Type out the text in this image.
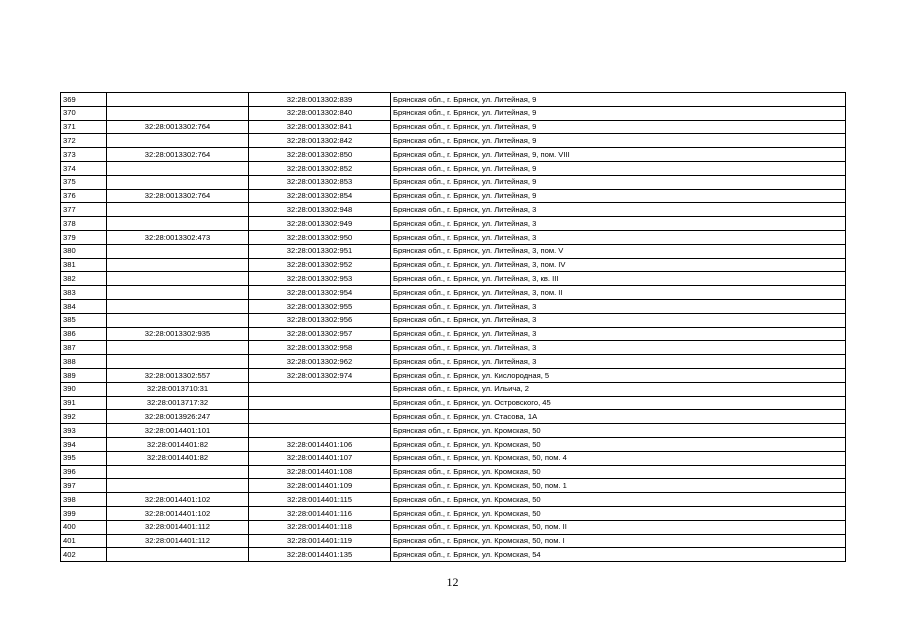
369		32:28:0013302:839	Брянская обл., г. Брянск, ул. Литейная, 9
370		32:28:0013302:840	Брянская обл., г. Брянск, ул. Литейная, 9
371	32:28:0013302:764	32:28:0013302:841	Брянская обл., г. Брянск, ул. Литейная, 9
372		32:28:0013302:842	Брянская обл., г. Брянск, ул. Литейная, 9
373	32:28:0013302:764	32:28:0013302:850	Брянская обл., г. Брянск, ул. Литейная, 9, пом. VIII
374		32:28:0013302:852	Брянская обл., г. Брянск, ул. Литейная, 9
375		32:28:0013302:853	Брянская обл., г. Брянск, ул. Литейная, 9
376	32:28:0013302:764	32:28:0013302:854	Брянская обл., г. Брянск, ул. Литейная, 9
377		32:28:0013302:948	Брянская обл., г. Брянск, ул. Литейная, 3
378		32:28:0013302:949	Брянская обл., г. Брянск, ул. Литейная, 3
379	32:28:0013302:473	32:28:0013302:950	Брянская обл., г. Брянск, ул. Литейная, 3
380		32:28:0013302:951	Брянская обл., г. Брянск, ул. Литейная, 3, пом. V
381		32:28:0013302:952	Брянская обл., г. Брянск, ул. Литейная, 3, пом. IV
382		32:28:0013302:953	Брянская обл., г. Брянск, ул. Литейная, 3, кв. III
383		32:28:0013302:954	Брянская обл., г. Брянск, ул. Литейная, 3, пом. II
384		32:28:0013302:955	Брянская обл., г. Брянск, ул. Литейная, 3
385		32:28:0013302:956	Брянская обл., г. Брянск, ул. Литейная, 3
386	32:28:0013302:935	32:28:0013302:957	Брянская обл., г. Брянск, ул. Литейная, 3
387		32:28:0013302:958	Брянская обл., г. Брянск, ул. Литейная, 3
388		32:28:0013302:962	Брянская обл., г. Брянск, ул. Литейная, 3
389	32:28:0013302:557	32:28:0013302:974	Брянская обл., г. Брянск, ул. Кислородная, 5
390	32:28:0013710:31		Брянская обл., г. Брянск, ул. Ильича, 2
391	32:28:0013717:32		Брянская обл., г. Брянск, ул. Островского, 45
392	32:28:0013926:247		Брянская обл., г. Брянск, ул. Стасова, 1А
393	32:28:0014401:101		Брянская обл., г. Брянск, ул. Кромская, 50
394	32:28:0014401:82	32:28:0014401:106	Брянская обл., г. Брянск, ул. Кромская, 50
395	32:28:0014401:82	32:28:0014401:107	Брянская обл., г. Брянск, ул. Кромская, 50, пом. 4
396		32:28:0014401:108	Брянская обл., г. Брянск, ул. Кромская, 50
397		32:28:0014401:109	Брянская обл., г. Брянск, ул. Кромская, 50, пом. 1
398	32:28:0014401:102	32:28:0014401:115	Брянская обл., г. Брянск, ул. Кромская, 50
399	32:28:0014401:102	32:28:0014401:116	Брянская обл., г. Брянск, ул. Кромская, 50
400	32:28:0014401:112	32:28:0014401:118	Брянская обл., г. Брянск, ул. Кромская, 50, пом. II
401	32:28:0014401:112	32:28:0014401:119	Брянская обл., г. Брянск, ул. Кромская, 50, пом. I
402		32:28:0014401:135	Брянская обл., г. Брянск, ул. Кромская, 54
12
